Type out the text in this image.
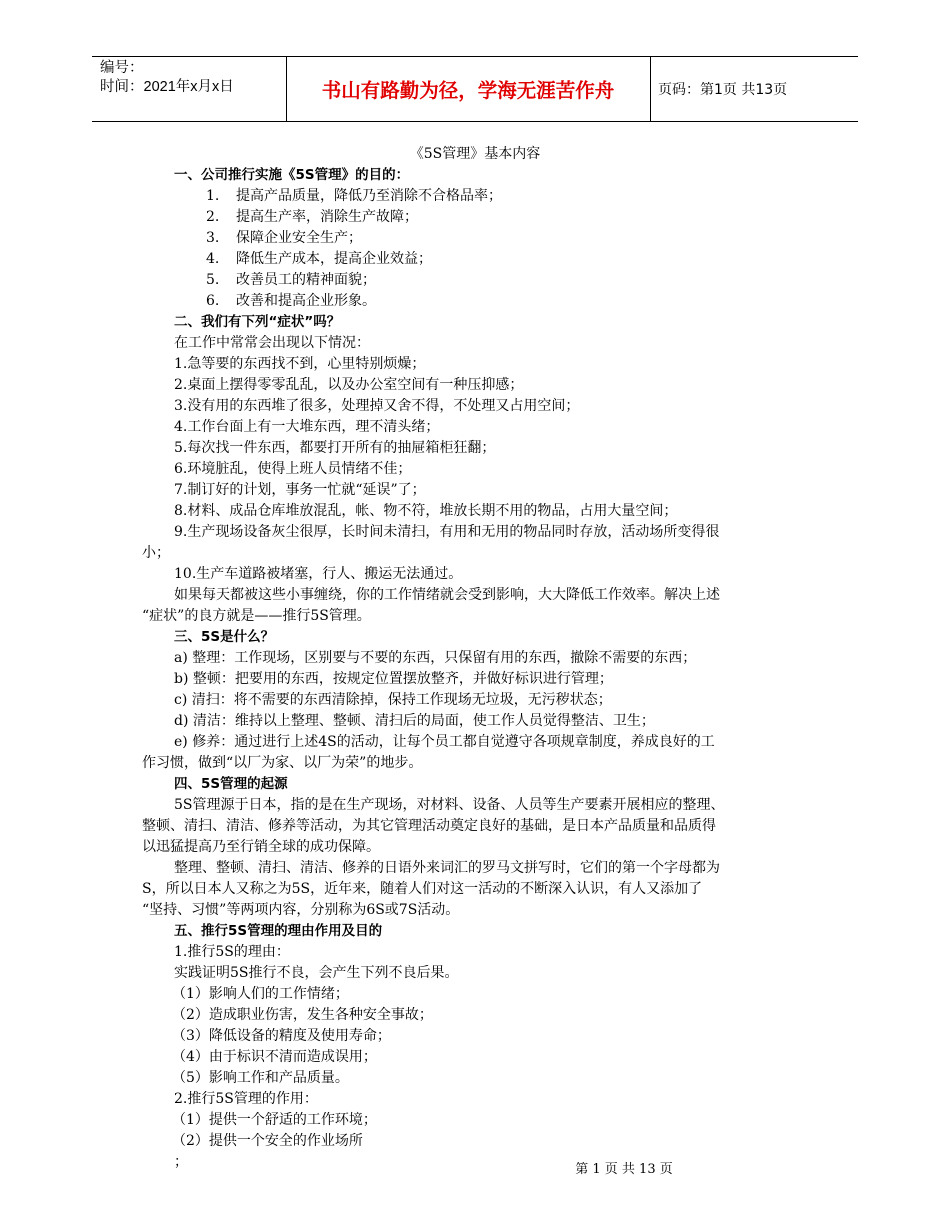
编号：
时间：2021年x月x日	书山有路勤为径，学海无涯苦作舟	页码：第1页 共13页
《5S管理》基本内容
一、公司推行实施《5S管理》的目的：
1. 提高产品质量，降低乃至消除不合格品率；
2. 提高生产率，消除生产故障；
3. 保障企业安全生产；
4. 降低生产成本，提高企业效益；
5. 改善员工的精神面貌；
6. 改善和提高企业形象。
二、我们有下列“症状”吗？
在工作中常常会出现以下情况：
1.急等要的东西找不到，心里特别烦燥；
2.桌面上摆得零零乱乱，以及办公室空间有一种压抑感；
3.没有用的东西堆了很多，处理掉又舍不得，不处理又占用空间；
4.工作台面上有一大堆东西，理不清头绪；
5.每次找一件东西，都要打开所有的抽屉箱柜狂翻；
6.环境脏乱，使得上班人员情绪不佳；
7.制订好的计划，事务一忙就“延误”了；
8.材料、成品仓库堆放混乱，帐、物不符，堆放长期不用的物品，占用大量空间；
9.生产现场设备灰尘很厚，长时间未清扫，有用和无用的物品同时存放，活动场所变得很
小；
10.生产车道路被堵塞，行人、搬运无法通过。
如果每天都被这些小事缠绕，你的工作情绪就会受到影响，大大降低工作效率。解决上述
“症状”的良方就是——推行5S管理。
三、5S是什么？
a) 整理：工作现场，区别要与不要的东西，只保留有用的东西，撤除不需要的东西；
b) 整顿：把要用的东西，按规定位置摆放整齐，并做好标识进行管理；
c) 清扫：将不需要的东西清除掉，保持工作现场无垃圾，无污秽状态；
d) 清洁：维持以上整理、整顿、清扫后的局面，使工作人员觉得整洁、卫生；
e) 修养：通过进行上述4S的活动，让每个员工都自觉遵守各项规章制度，养成良好的工
作习惯，做到“以厂为家、以厂为荣”的地步。
四、5S管理的起源
5S管理源于日本，指的是在生产现场，对材料、设备、人员等生产要素开展相应的整理、
整顿、清扫、清洁、修养等活动，为其它管理活动奠定良好的基础，是日本产品质量和品质得
以迅猛提高乃至行销全球的成功保障。
整理、整顿、清扫、清洁、修养的日语外来词汇的罗马文拼写时，它们的第一个字母都为
S，所以日本人又称之为5S，近年来，随着人们对这一活动的不断深入认识，有人又添加了
“坚持、习惯”等两项内容，分别称为6S或7S活动。
五、推行5S管理的理由作用及目的
1.推行5S的理由：
实践证明5S推行不良，会产生下列不良后果。
（1）影响人们的工作情绪；
（2）造成职业伤害，发生各种安全事故；
（3）降低设备的精度及使用寿命；
（4）由于标识不清而造成误用；
（5）影响工作和产品质量。
2.推行5S管理的作用：
（1）提供一个舒适的工作环境；
（2）提供一个安全的作业场所
；	第 1 页 共 13 页
